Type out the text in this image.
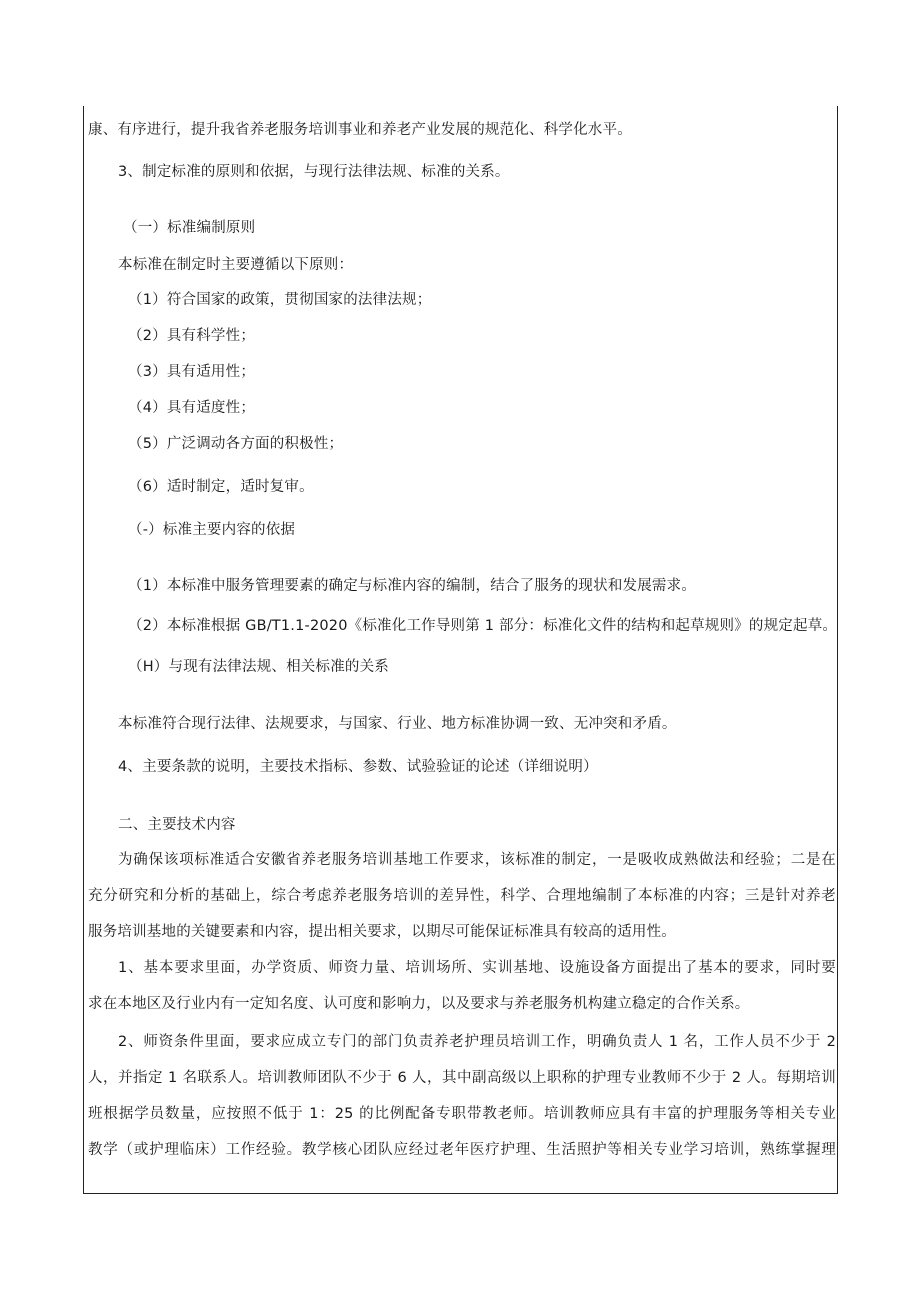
康、有序进行，提升我省养老服务培训事业和养老产业发展的规范化、科学化水平。
3、制定标准的原则和依据，与现行法律法规、标准的关系。
（一）标准编制原则
本标准在制定时主要遵循以下原则：
（1）符合国家的政策，贯彻国家的法律法规；
（2）具有科学性；
（3）具有适用性；
（4）具有适度性；
（5）广泛调动各方面的积极性；
（6）适时制定，适时复审。
（-）标准主要内容的依据
（1）本标准中服务管理要素的确定与标准内容的编制，结合了服务的现状和发展需求。
（2）本标准根据 GB/T1.1-2020《标准化工作导则第 1 部分：标准化文件的结构和起草规则》的规定起草。
（H）与现有法律法规、相关标准的关系
本标准符合现行法律、法规要求，与国家、行业、地方标准协调一致、无冲突和矛盾。
4、主要条款的说明，主要技术指标、参数、试验验证的论述（详细说明）
二、主要技术内容
为确保该项标准适合安徽省养老服务培训基地工作要求，该标准的制定，一是吸收成熟做法和经验；二是在
充分研究和分析的基础上，综合考虑养老服务培训的差异性，科学、合理地编制了本标准的内容；三是针对养老
服务培训基地的关键要素和内容，提出相关要求，以期尽可能保证标准具有较高的适用性。
1、基本要求里面，办学资质、师资力量、培训场所、实训基地、设施设备方面提出了基本的要求，同时要
求在本地区及行业内有一定知名度、认可度和影响力，以及要求与养老服务机构建立稳定的合作关系。
2、师资条件里面，要求应成立专门的部门负责养老护理员培训工作，明确负责人 1 名，工作人员不少于 2
人，并指定 1 名联系人。培训教师团队不少于 6 人，其中副高级以上职称的护理专业教师不少于 2 人。每期培训
班根据学员数量，应按照不低于 1：25 的比例配备专职带教老师。培训教师应具有丰富的护理服务等相关专业
教学（或护理临床）工作经验。教学核心团队应经过老年医疗护理、生活照护等相关专业学习培训，熟练掌握理
